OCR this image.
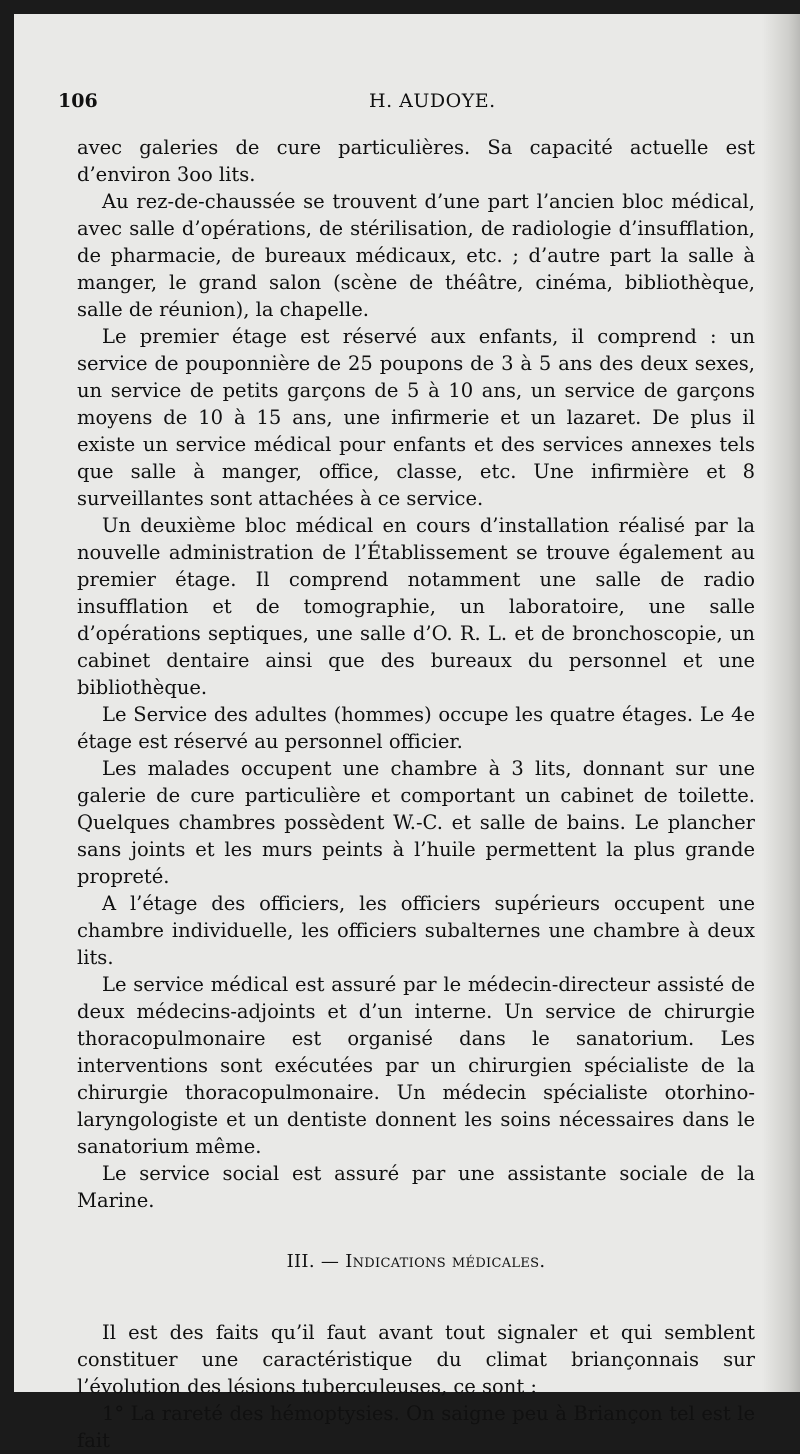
106	H. AUDOYE.

avec galeries de cure particulières. Sa capacité actuelle est d’environ 3oo lits.

Au rez-de-chaussée se trouvent d’une part l’ancien bloc médical, avec salle d’opérations, de stérilisation, de radiologie d’insufflation, de pharmacie, de bureaux médicaux, etc. ; d’autre part la salle à manger, le grand salon (scène de théâtre, cinéma, bibliothèque, salle de réunion), la chapelle.

Le premier étage est réservé aux enfants, il comprend : un service de pouponnière de 25 poupons de 3 à 5 ans des deux sexes, un service de petits garçons de 5 à 10 ans, un service de garçons moyens de 10 à 15 ans, une infirmerie et un lazaret. De plus il existe un service médical pour enfants et des services annexes tels que salle à manger, office, classe, etc. Une infirmière et 8 surveillantes sont attachées à ce service.

Un deuxième bloc médical en cours d’installation réalisé par la nouvelle administration de l’Établissement se trouve également au premier étage. Il comprend notamment une salle de radio insufflation et de tomographie, un laboratoire, une salle d’opérations septiques, une salle d’O. R. L. et de bronchoscopie, un cabinet dentaire ainsi que des bureaux du personnel et une bibliothèque.

Le Service des adultes (hommes) occupe les quatre étages. Le 4e étage est réservé au personnel officier.

Les malades occupent une chambre à 3 lits, donnant sur une galerie de cure particulière et comportant un cabinet de toilette. Quelques chambres possèdent W.-C. et salle de bains. Le plancher sans joints et les murs peints à l’huile permettent la plus grande propreté.

A l’étage des officiers, les officiers supérieurs occupent une chambre individuelle, les officiers subalternes une chambre à deux lits.

Le service médical est assuré par le médecin-directeur assisté de deux médecins-adjoints et d’un interne. Un service de chirurgie thoracopulmonaire est organisé dans le sanatorium. Les interventions sont exécutées par un chirurgien spécialiste de la chirurgie thoracopulmonaire. Un médecin spécialiste otorhino-laryngologiste et un dentiste donnent les soins nécessaires dans le sanatorium même.

Le service social est assuré par une assistante sociale de la Marine.

III. — Indications médicales.

Il est des faits qu’il faut avant tout signaler et qui semblent constituer une caractéristique du climat briançonnais sur l’évolution des lésions tuberculeuses, ce sont :

1° La rareté des hémoptysies. On saigne peu à Briançon tel est le fait
